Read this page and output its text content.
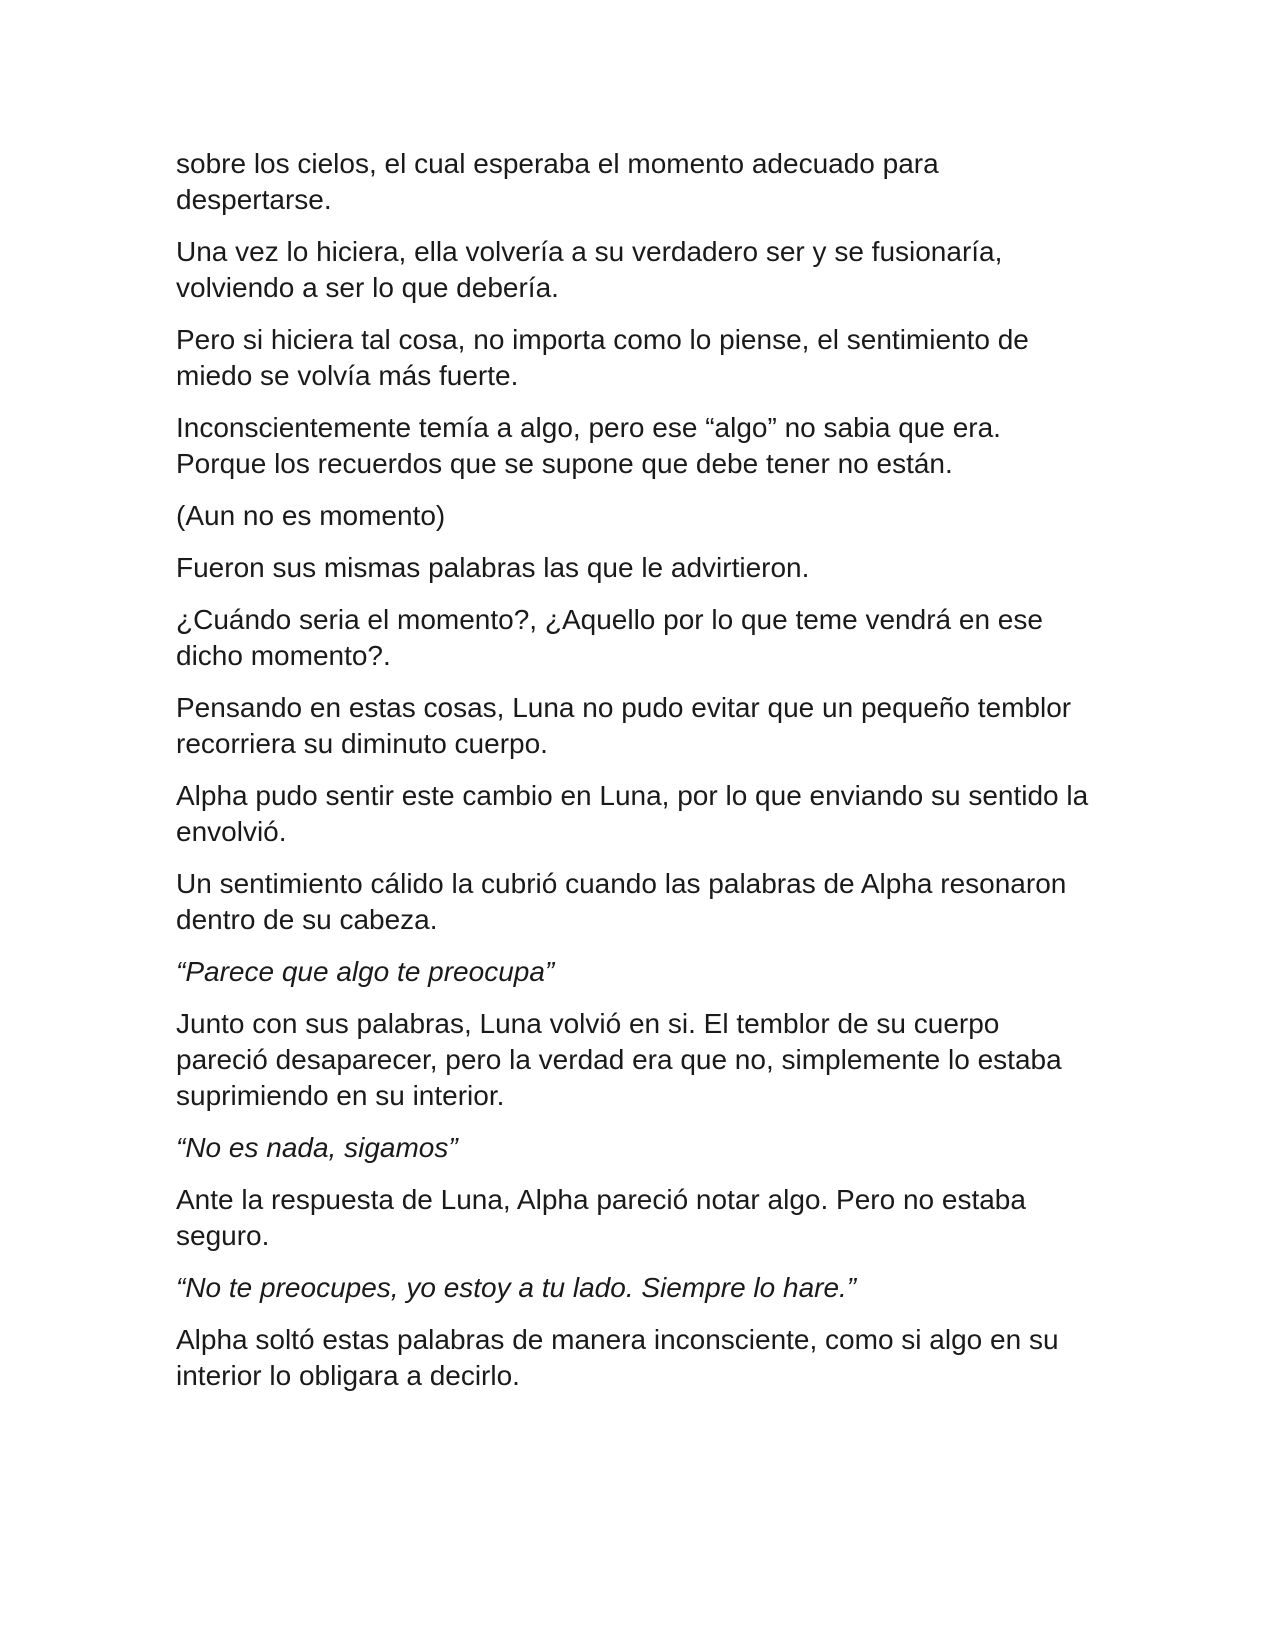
sobre los cielos, el cual esperaba el momento adecuado para despertarse.

Una vez lo hiciera, ella volvería a su verdadero ser y se fusionaría, volviendo a ser lo que debería.

Pero si hiciera tal cosa, no importa como lo piense, el sentimiento de miedo se volvía más fuerte.

Inconscientemente temía a algo, pero ese “algo” no sabia que era. Porque los recuerdos que se supone que debe tener no están.

(Aun no es momento)

Fueron sus mismas palabras las que le advirtieron.

¿Cuándo seria el momento?, ¿Aquello por lo que teme vendrá en ese dicho momento?.

Pensando en estas cosas, Luna no pudo evitar que un pequeño temblor recorriera su diminuto cuerpo.

Alpha pudo sentir este cambio en Luna, por lo que enviando su sentido la envolvió.

Un sentimiento cálido la cubrió cuando las palabras de Alpha resonaron dentro de su cabeza.

“Parece que algo te preocupa”

Junto con sus palabras, Luna volvió en si. El temblor de su cuerpo pareció desaparecer, pero la verdad era que no, simplemente lo estaba suprimiendo en su interior.

“No es nada, sigamos”

Ante la respuesta de Luna, Alpha pareció notar algo. Pero no estaba seguro.

“No te preocupes, yo estoy a tu lado. Siempre lo hare.”

Alpha soltó estas palabras de manera inconsciente, como si algo en su interior lo obligara a decirlo.
